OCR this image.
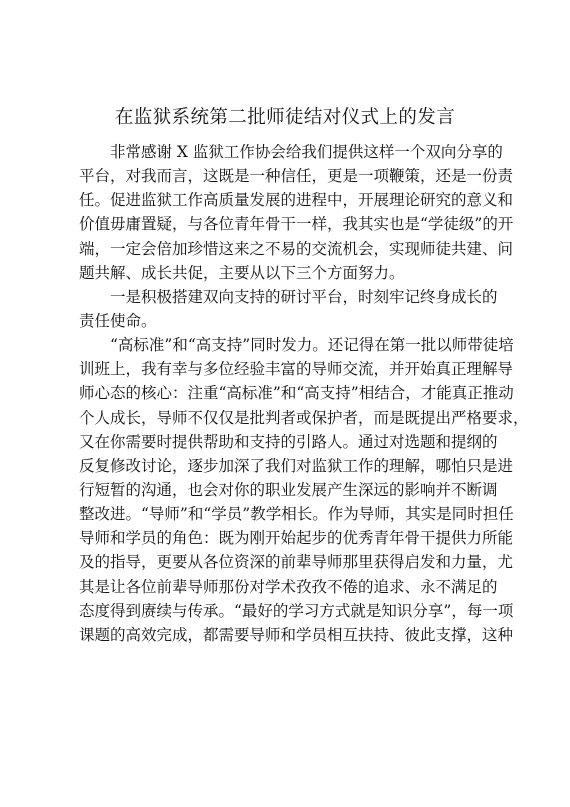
在监狱系统第二批师徒结对仪式上的发言
非常感谢 X 监狱工作协会给我们提供这样一个双向分享的
平台，对我而言，这既是一种信任，更是一项鞭策，还是一份责
任。促进监狱工作高质量发展的进程中，开展理论研究的意义和
价值毋庸置疑，与各位青年骨干一样，我其实也是“学徒级”的开
端，一定会倍加珍惜这来之不易的交流机会，实现师徒共建、问
题共解、成长共促，主要从以下三个方面努力。
一是积极搭建双向支持的研讨平台，时刻牢记终身成长的
责任使命。
“高标准”和“高支持”同时发力。还记得在第一批以师带徒培
训班上，我有幸与多位经验丰富的导师交流，并开始真正理解导
师心态的核心：注重“高标准”和“高支持”相结合，才能真正推动
个人成长，导师不仅仅是批判者或保护者，而是既提出严格要求，
又在你需要时提供帮助和支持的引路人。通过对选题和提纲的
反复修改讨论，逐步加深了我们对监狱工作的理解，哪怕只是进
行短暂的沟通，也会对你的职业发展产生深远的影响并不断调
整改进。“导师”和“学员”教学相长。作为导师，其实是同时担任
导师和学员的角色：既为刚开始起步的优秀青年骨干提供力所能
及的指导，更要从各位资深的前辈导师那里获得启发和力量，尤
其是让各位前辈导师那份对学术孜孜不倦的追求、永不满足的
态度得到赓续与传承。“最好的学习方式就是知识分享”，每一项
课题的高效完成，都需要导师和学员相互扶持、彼此支撑，这种
